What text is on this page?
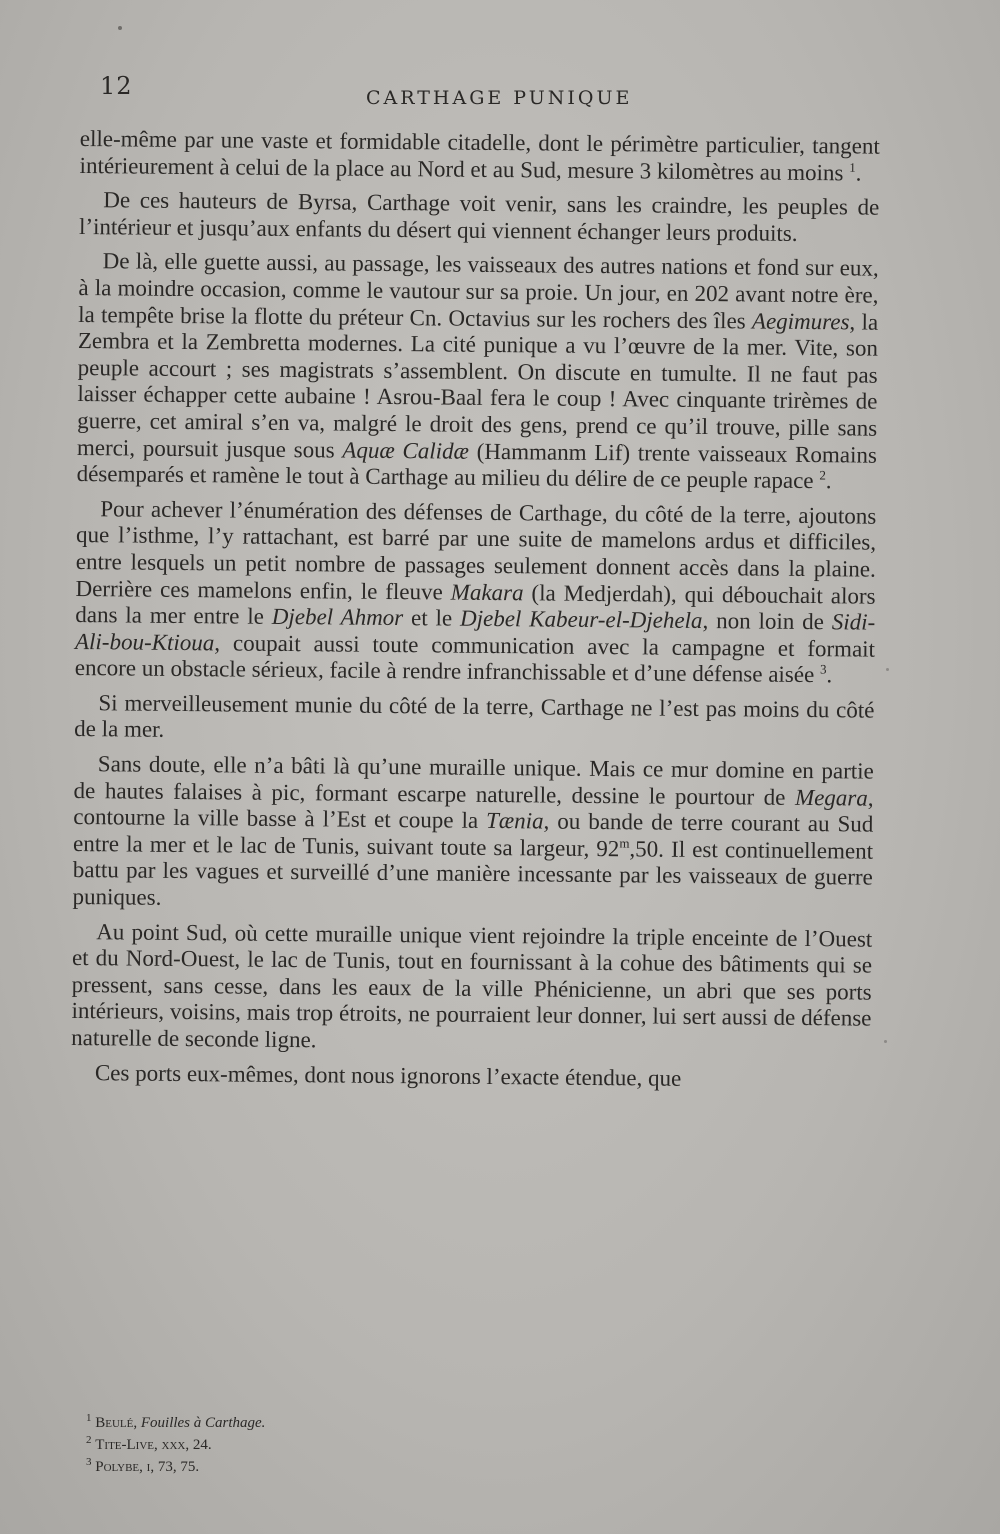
12	CARTHAGE PUNIQUE

elle-même par une vaste et formidable citadelle, dont le périmètre particulier, tangent intérieurement à celui de la place au Nord et au Sud, mesure 3 kilomètres au moins $^1$.

De ces hauteurs de Byrsa, Carthage voit venir, sans les craindre, les peuples de l’intérieur et jusqu’aux enfants du désert qui viennent échanger leurs produits.

De là, elle guette aussi, au passage, les vaisseaux des autres nations et fond sur eux, à la moindre occasion, comme le vautour sur sa proie. Un jour, en 202 avant notre ère, la tempête brise la flotte du préteur Cn. Octavius sur les rochers des îles Aegimures, la Zembra et la Zembretta modernes. La cité punique a vu l’œuvre de la mer. Vite, son peuple accourt ; ses magistrats s’assemblent. On discute en tumulte. Il ne faut pas laisser échapper cette aubaine ! Asrou-Baal fera le coup ! Avec cinquante trirèmes de guerre, cet amiral s’en va, malgré le droit des gens, prend ce qu’il trouve, pille sans merci, poursuit jusque sous Aquæ Calidæ (Hammanm Lif) trente vaisseaux Romains désemparés et ramène le tout à Carthage au milieu du délire de ce peuple rapace $^2$.

Pour achever l’énumération des défenses de Carthage, du côté de la terre, ajoutons que l’isthme, l’y rattachant, est barré par une suite de mamelons ardus et difficiles, entre lesquels un petit nombre de passages seulement donnent accès dans la plaine. Derrière ces mamelons enfin, le fleuve Makara (la Medjerdah), qui débouchait alors dans la mer entre le Djebel Ahmor et le Djebel Kabeur-el-Djehela, non loin de Sidi-Ali-bou-Ktioua, coupait aussi toute communication avec la campagne et formait encore un obstacle sérieux, facile à rendre infranchissable et d’une défense aisée $^3$.

Si merveilleusement munie du côté de la terre, Carthage ne l’est pas moins du côté de la mer.

Sans doute, elle n’a bâti là qu’une muraille unique. Mais ce mur domine en partie de hautes falaises à pic, formant escarpe naturelle, dessine le pourtour de Megara, contourne la ville basse à l’Est et coupe la Tænia, ou bande de terre courant au Sud entre la mer et le lac de Tunis, suivant toute sa largeur, 92$^m$,50. Il est continuellement battu par les vagues et surveillé d’une manière incessante par les vaisseaux de guerre puniques.

Au point Sud, où cette muraille unique vient rejoindre la triple enceinte de l’Ouest et du Nord-Ouest, le lac de Tunis, tout en fournissant à la cohue des bâtiments qui se pressent, sans cesse, dans les eaux de la ville Phénicienne, un abri que ses ports intérieurs, voisins, mais trop étroits, ne pourraient leur donner, lui sert aussi de défense naturelle de seconde ligne.

Ces ports eux-mêmes, dont nous ignorons l’exacte étendue, que

$^1$ Beulé, Fouilles à Carthage.
$^2$ Tite-Live, xxx, 24.
$^3$ Polybe, i, 73, 75.
